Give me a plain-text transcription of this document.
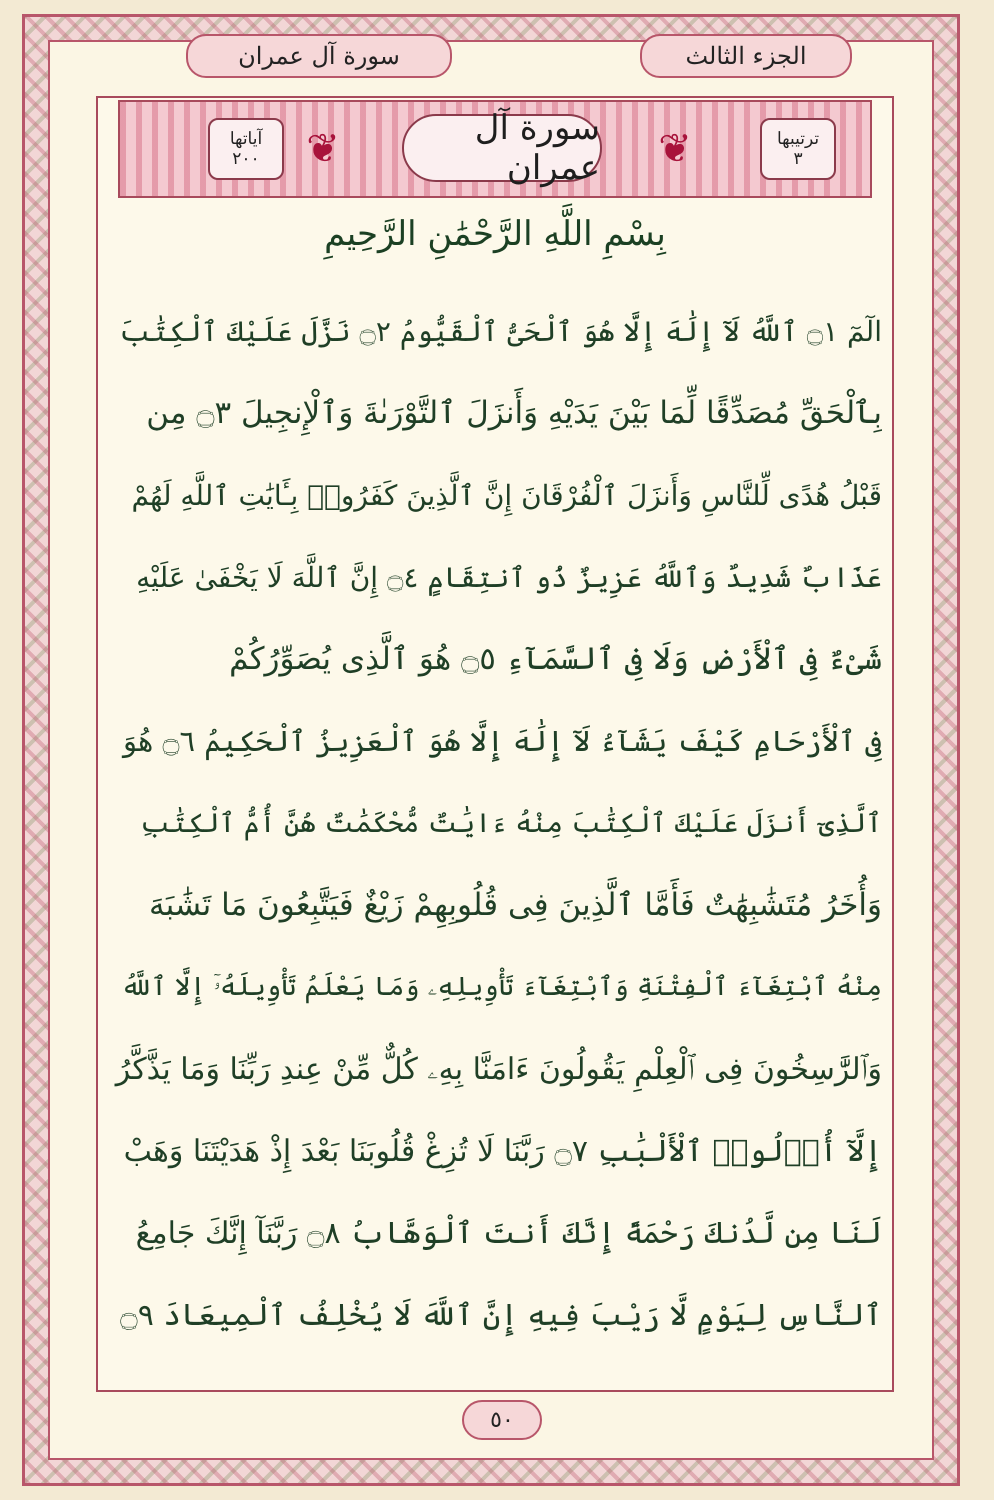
سورة آل عمران	الجزء الثالث
❦	❦
آياتها
٢٠٠
سورة آل عمران
ترتيبها
٣
بِسْمِ اللَّهِ الرَّحْمَٰنِ الرَّحِيمِ
الٓمٓ ۝١ ٱللَّهُ لَآ إِلَٰهَ إِلَّا هُوَ ٱلْحَىُّ ٱلْقَيُّومُ ۝٢ نَزَّلَ عَلَيْكَ ٱلْكِتَٰبَ
بِٱلْحَقِّ مُصَدِّقًا لِّمَا بَيْنَ يَدَيْهِ وَأَنزَلَ ٱلتَّوْرَىٰةَ وَٱلْإِنجِيلَ ۝٣ مِن
قَبْلُ هُدًى لِّلنَّاسِ وَأَنزَلَ ٱلْفُرْقَانَ إِنَّ ٱلَّذِينَ كَفَرُوا۟ بِـَٔايَٰتِ ٱللَّهِ لَهُمْ
عَذَابٌ شَدِيدٌ وَٱللَّهُ عَزِيزٌ ذُو ٱنتِقَامٍ ۝٤ إِنَّ ٱللَّهَ لَا يَخْفَىٰ عَلَيْهِ
شَىْءٌ فِى ٱلْأَرْضِ وَلَا فِى ٱلسَّمَآءِ ۝٥ هُوَ ٱلَّذِى يُصَوِّرُكُمْ
فِى ٱلْأَرْحَامِ كَيْفَ يَشَآءُ لَآ إِلَٰهَ إِلَّا هُوَ ٱلْعَزِيزُ ٱلْحَكِيمُ ۝٦ هُوَ
ٱلَّذِىٓ أَنزَلَ عَلَيْكَ ٱلْكِتَٰبَ مِنْهُ ءَايَٰتٌ مُّحْكَمَٰتٌ هُنَّ أُمُّ ٱلْكِتَٰبِ
وَأُخَرُ مُتَشَٰبِهَٰتٌ فَأَمَّا ٱلَّذِينَ فِى قُلُوبِهِمْ زَيْغٌ فَيَتَّبِعُونَ مَا تَشَٰبَهَ
مِنْهُ ٱبْتِغَآءَ ٱلْفِتْنَةِ وَٱبْتِغَآءَ تَأْوِيلِهِۦ وَمَا يَعْلَمُ تَأْوِيلَهُۥٓ إِلَّا ٱللَّهُ
وَٱلرَّٰسِخُونَ فِى ٱلْعِلْمِ يَقُولُونَ ءَامَنَّا بِهِۦ كُلٌّ مِّنْ عِندِ رَبِّنَا وَمَا يَذَّكَّرُ
إِلَّآ أُو۟لُوا۟ ٱلْأَلْبَٰبِ ۝٧ رَبَّنَا لَا تُزِغْ قُلُوبَنَا بَعْدَ إِذْ هَدَيْتَنَا وَهَبْ
لَنَا مِن لَّدُنكَ رَحْمَةً إِنَّكَ أَنتَ ٱلْوَهَّابُ ۝٨ رَبَّنَآ إِنَّكَ جَامِعُ
ٱلنَّاسِ لِيَوْمٍ لَّا رَيْبَ فِيهِ إِنَّ ٱللَّهَ لَا يُخْلِفُ ٱلْمِيعَادَ ۝٩
٥٠
